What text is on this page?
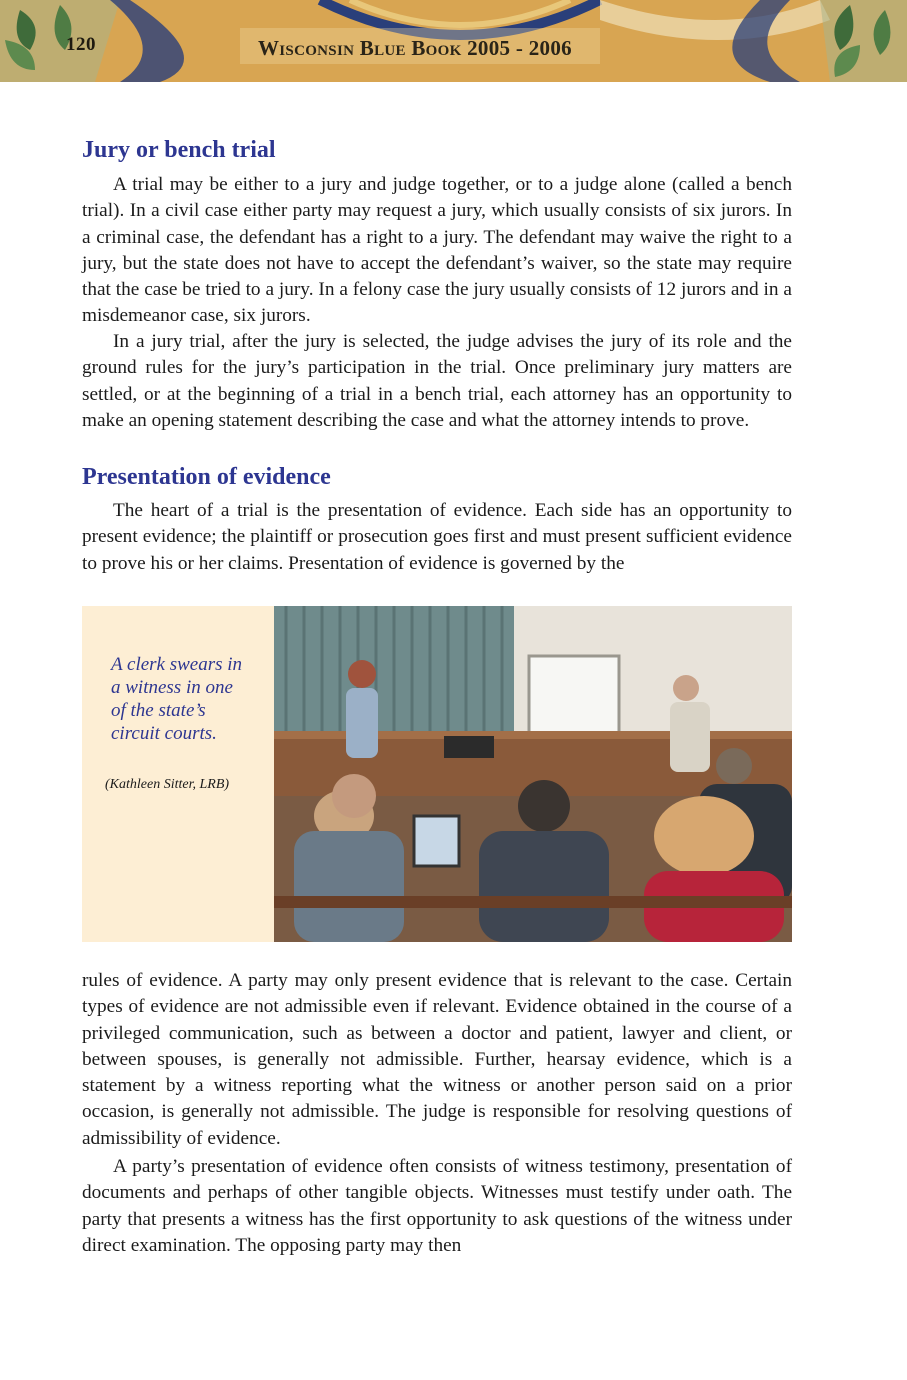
120	Wisconsin Blue Book 2005 - 2006
Jury or bench trial

A trial may be either to a jury and judge together, or to a judge alone (called a bench trial). In a civil case either party may request a jury, which usually consists of six jurors. In a criminal case, the defendant has a right to a jury. The defendant may waive the right to a jury, but the state does not have to accept the defendant’s waiver, so the state may require that the case be tried to a jury. In a felony case the jury usually consists of 12 jurors and in a misdemeanor case, six jurors.

In a jury trial, after the jury is selected, the judge advises the jury of its role and the ground rules for the jury’s participation in the trial. Once preliminary jury matters are settled, or at the beginning of a trial in a bench trial, each attorney has an opportunity to make an opening statement describing the case and what the attorney intends to prove.

Presentation of evidence

The heart of a trial is the presentation of evidence. Each side has an opportunity to present evidence; the plaintiff or prosecution goes first and must present sufficient evidence to prove his or her claims. Presentation of evidence is governed by the

A clerk swears in a witness in one of the state’s circuit courts.

(Kathleen Sitter, LRB)

rules of evidence. A party may only present evidence that is relevant to the case. Certain types of evidence are not admissible even if relevant. Evidence obtained in the course of a privileged communication, such as between a doctor and patient, lawyer and client, or between spouses, is generally not admissible. Further, hearsay evidence, which is a statement by a witness reporting what the witness or another person said on a prior occasion, is generally not admissible. The judge is responsible for resolving questions of admissibility of evidence.

A party’s presentation of evidence often consists of witness testimony, presentation of documents and perhaps of other tangible objects. Witnesses must testify under oath. The party that presents a witness has the first opportunity to ask questions of the witness under direct examination. The opposing party may then
